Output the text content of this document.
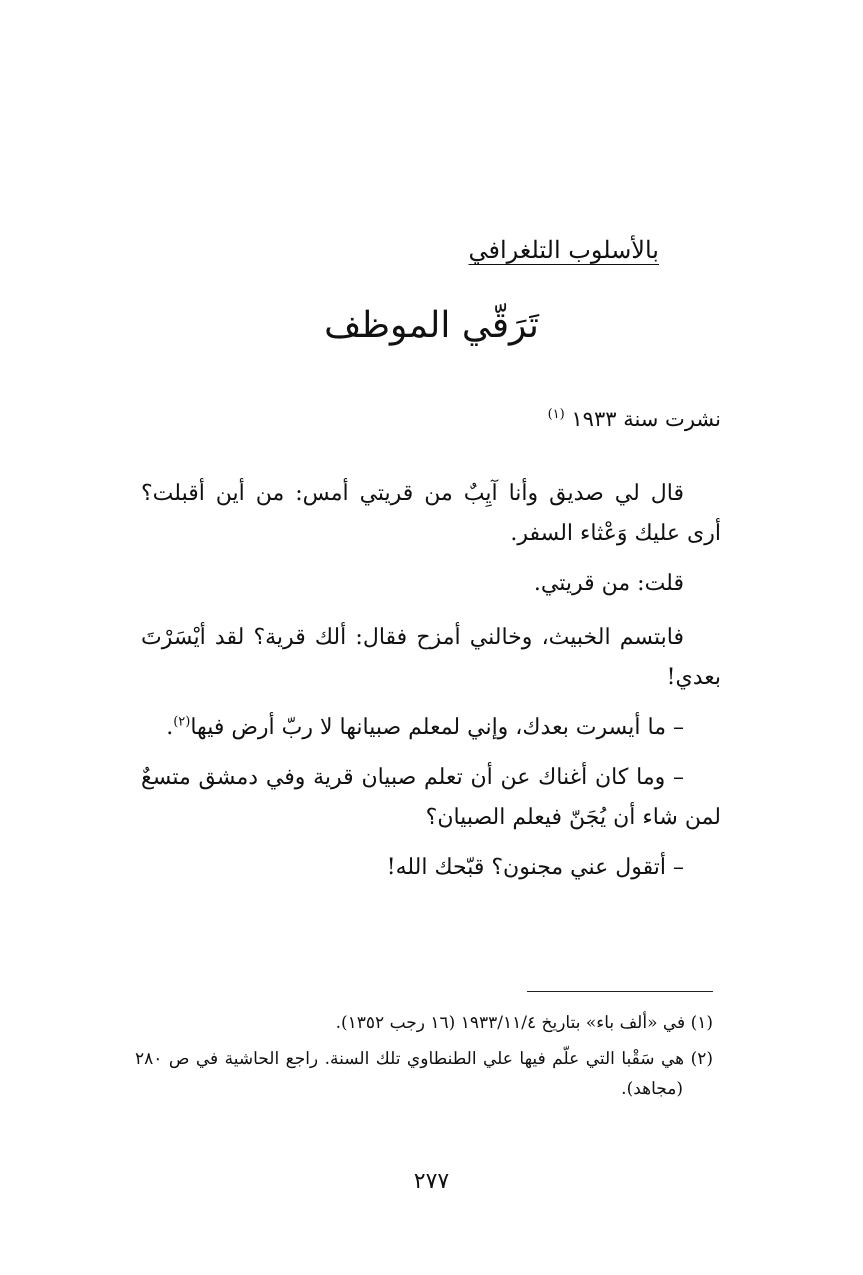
بالأسلوب التلغرافي
تَرَقّي الموظف
نشرت سنة ١٩٣٣ $^{(١)}$

قال لي صديق وأنا آيِبٌ من قريتي أمس: من أين أقبلت؟ أرى عليك وَعْثاء السفر.

قلت: من قريتي.

فابتسم الخبيث، وخالني أمزح فقال: ألك قرية؟ لقد أيْسَرْتَ بعدي!

– ما أيسرت بعدك، وإني لمعلم صبيانها لا ربّ أرض فيها$^{(٢)}$.

– وما كان أغناك عن أن تعلم صبيان قرية وفي دمشق متسعٌ لمن شاء أن يُجَنّ فيعلم الصبيان؟

– أتقول عني مجنون؟ قبّحك الله!

(١) في «ألف باء» بتاريخ ١٩٣٣/١١/٤ (١٦ رجب ١٣٥٢).

(٢) هي سَقْبا التي علّم فيها علي الطنطاوي تلك السنة. راجع الحاشية في ص ٢٨٠ (مجاهد).

٢٧٧
